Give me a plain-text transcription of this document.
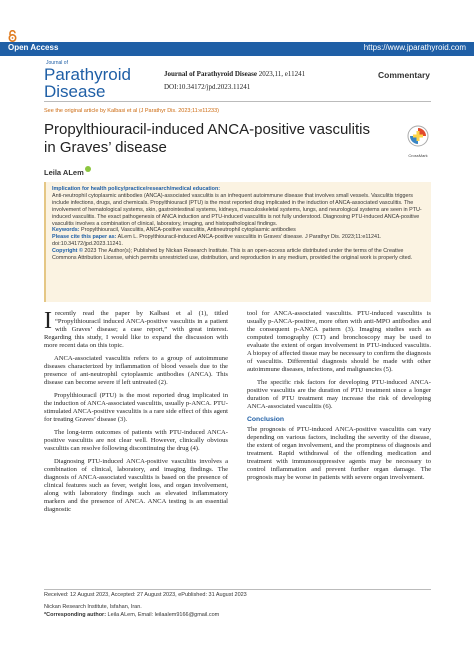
Open Access	https://www.jparathyroid.com
Journal of
Parathyroid
Disease
Journal of Parathyroid Disease 2023,11, e11241
DOI:10.34172/jpd.2023.11241
Commentary
See the original article by Kalbasi et al (J Parathyr Dis. 2023;11:e11233)
Propylthiouracil-induced ANCA-positive vasculitis in Graves’ disease	CrossMark
Leila ALem
Implication for health policy/practice/research/medical education:
Anti-neutrophil cytoplasmic antibodies (ANCA)-associated vasculitis is an infrequent autoimmune disease that involves small vessels. Vasculitis triggers include infections, drugs, and chemicals. Propylthiouracil (PTU) is the most reported drug implicated in the induction of ANCA-associated vasculitis. The involvement of hematological systems, skin, gastrointestinal systems, kidneys, musculoskeletal systems, lungs, and neurological systems are seen in PTU-induced vasculitis. The exact pathogenesis of ANCA induction and PTU-induced vasculitis is not fully understood. Diagnosing PTU-induced ANCA-positive vasculitis involves a combination of clinical, laboratory, imaging, and histopathological findings.
Keywords: Propylthiouracil, Vasculitis, ANCA-positive vasculitis, Antineutrophil cytoplasmic antibodies
Please cite this paper as: ALem L. Propylthiouracil-induced ANCA-positive vasculitis in Graves’ disease. J Parathyr Dis. 2023;11:e11241. doi:10.34172/jpd.2023.11241.
Copyright © 2023 The Author(s); Published by Nickan Research Institute. This is an open-access article distributed under the terms of the Creative Commons Attribution License, which permits unrestricted use, distribution, and reproduction in any medium, provided the original work is properly cited.

Irecently read the paper by Kalbasi et al (1), titled “Propylthiouracil induced ANCA-positive vasculitis in a patient with Graves’ disease; a case report,” with great interest. Regarding this study, I would like to expand the discussion with more recent data on this topic.

ANCA-associated vasculitis refers to a group of autoimmune diseases characterized by inflammation of blood vessels due to the presence of ant-neutrophil cytoplasmic antibodies (ANCA). This disease can become severe if left untreated (2).

Propylthiouracil (PTU) is the most reported drug implicated in the induction of ANCA-associated vasculitis, usually p-ANCA. PTU-stimulated ANCA-positive vasculitis is a rare side effect of this agent for treating Graves’ disease (3).

The long-term outcomes of patients with PTU-induced ANCA-positive vasculitis are not clear well. However, clinically obvious vasculitis can resolve following discontinuing the drug (4).

Diagnosing PTU-induced ANCA-positive vasculitis involves a combination of clinical, laboratory, and imaging findings. The diagnosis of ANCA-associated vasculitis is based on the presence of clinical features such as fever, weight loss, and organ involvement, along with laboratory findings such as elevated inflammatory markers and the presence of ANCA. ANCA testing is an essential diagnostic

tool for ANCA-associated vasculitis. PTU-induced vasculitis is usually p-ANCA-positive, more often with anti-MPO antibodies and the consequent p-ANCA pattern (3). Imaging studies such as computed tomography (CT) and bronchoscopy may be used to evaluate the extent of organ involvement in PTU-induced vasculitis. A biopsy of affected tissue may be necessary to confirm the diagnosis of vasculitis. Differential diagnosis should be made with other autoimmune diseases, infections, and malignancies (5).

The specific risk factors for developing PTU-induced ANCA-positive vasculitis are the duration of PTU treatment since a longer duration of PTU treatment may increase the risk of developing ANCA-associated vasculitis (6).

Conclusion

The prognosis of PTU-induced ANCA-positive vasculitis can vary depending on various factors, including the severity of the disease, the extent of organ involvement, and the promptness of diagnosis and treatment. Rapid withdrawal of the offending medication and treatment with immunosuppressive agents may be necessary to control inflammation and prevent further organ damage. The prognosis may be worse in patients with severe organ involvement.

Received: 12 August 2023, Accepted: 27 August 2023, ePublished: 31 August 2023
Nickan Research Institute, Isfahan, Iran.
*Corresponding author: Leila ALem, Email: leilaalem9166@gmail.com
